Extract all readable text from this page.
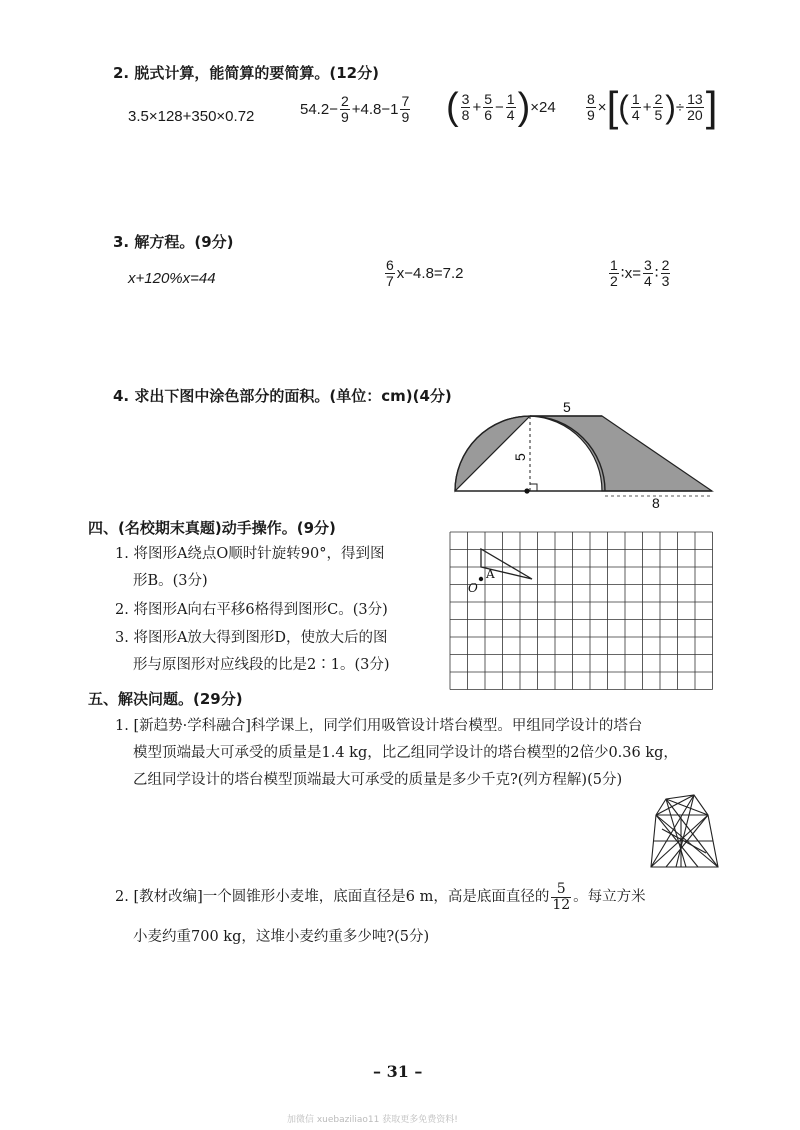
2. 脱式计算，能简算的要简算。(12分)
3.5×128+350×0.72	$54.2- \frac{2}{9} +4.8-1 \frac{7}{9}$ ( $\frac{3}{8} + \frac{5}{6} - \frac{1}{4}$ ) $\times 24 \frac{8}{9}$ × [ ( $\frac{1}{4} + \frac{2}{5}$ ) ÷ $\frac{13}{20}$ ]
3. 解方程。(9分)
x+120%x=44	$\frac{6}{7} x-4.8=7.2$	$\frac{1}{2}$ ∶x= $\frac{3}{4}$ ∶ $\frac{2}{3}$
4. 求出下图中涂色部分的面积。(单位：cm)(4分)
8
5
5
四、(名校期末真题)动手操作。(9分)
1. 将图形A绕点O顺时针旋转90°，得到图
形B。(3分)
2. 将图形A向右平移6格得到图形C。(3分)
3. 将图形A放大得到图形D，使放大后的图
形与原图形对应线段的比是2∶1。(3分)
A
O
五、解决问题。(29分)
1. [新趋势·学科融合]科学课上，同学们用吸管设计塔台模型。甲组同学设计的塔台
模型顶端最大可承受的质量是1.4 kg，比乙组同学设计的塔台模型的2倍少0.36 kg，
乙组同学设计的塔台模型顶端最大可承受的质量是多少千克?(列方程解)(5分)
2. [教材改编]一个圆锥形小麦堆，底面直径是6 m，高是底面直径的 $\frac{5}{12}$ 。每立方米
小麦约重700 kg，这堆小麦约重多少吨?(5分)
– 31 –
加微信 xuebaziliao11 获取更多免费资料!
